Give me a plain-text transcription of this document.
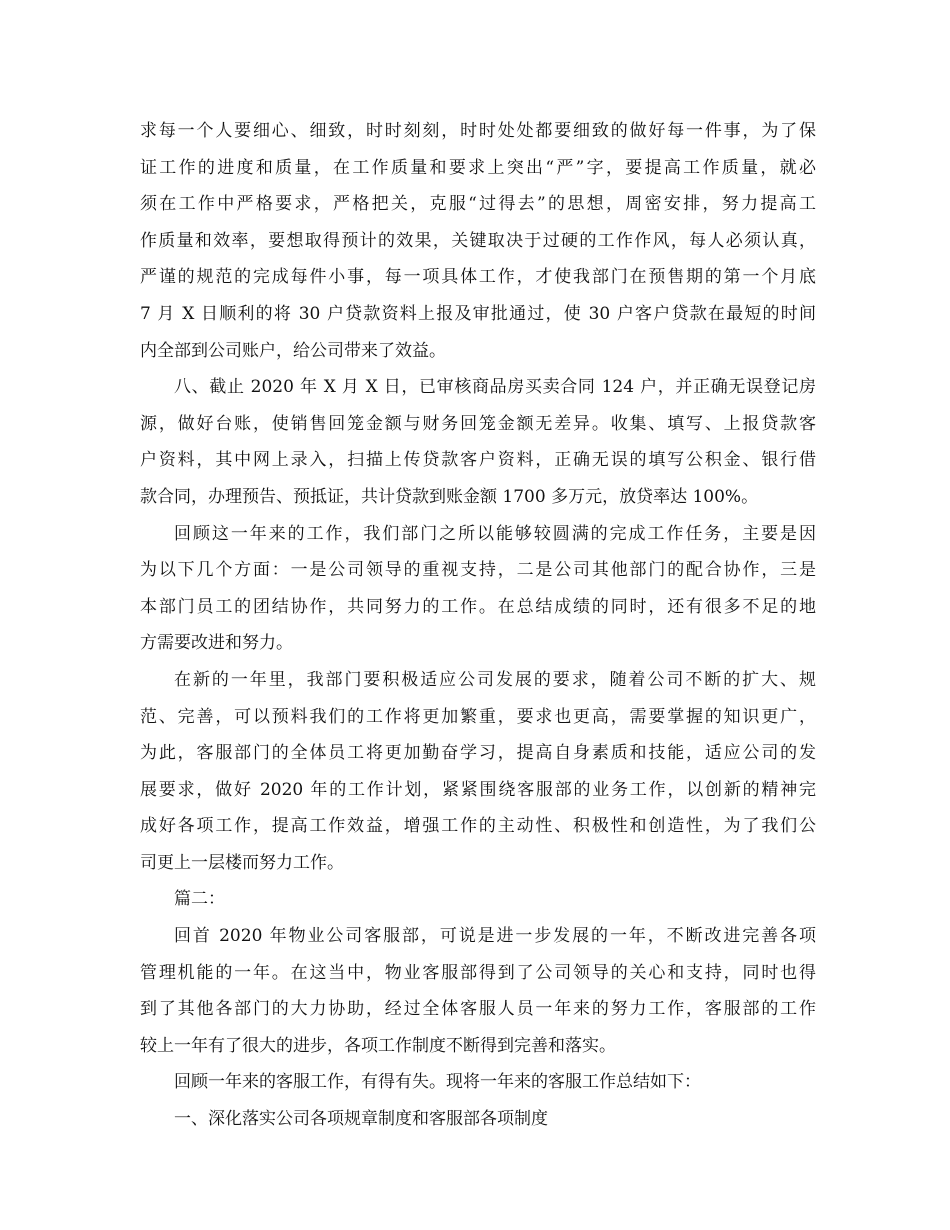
求每一个人要细心、细致，时时刻刻，时时处处都要细致的做好每一件事，为了保
证工作的进度和质量，在工作质量和要求上突出“严”字，要提高工作质量，就必
须在工作中严格要求，严格把关，克服“过得去”的思想，周密安排，努力提高工
作质量和效率，要想取得预计的效果，关键取决于过硬的工作作风，每人必须认真，
严谨的规范的完成每件小事，每一项具体工作，才使我部门在预售期的第一个月底
7 月 X 日顺利的将 30 户贷款资料上报及审批通过，使 30 户客户贷款在最短的时间
内全部到公司账户，给公司带来了效益。
八、截止 2020 年 X 月 X 日，已审核商品房买卖合同 124 户，并正确无误登记房
源，做好台账，使销售回笼金额与财务回笼金额无差异。收集、填写、上报贷款客
户资料，其中网上录入，扫描上传贷款客户资料，正确无误的填写公积金、银行借
款合同，办理预告、预抵证，共计贷款到账金额 1700 多万元，放贷率达 100%。
回顾这一年来的工作，我们部门之所以能够较圆满的完成工作任务，主要是因
为以下几个方面：一是公司领导的重视支持，二是公司其他部门的配合协作，三是
本部门员工的团结协作，共同努力的工作。在总结成绩的同时，还有很多不足的地
方需要改进和努力。
在新的一年里，我部门要积极适应公司发展的要求，随着公司不断的扩大、规
范、完善，可以预料我们的工作将更加繁重，要求也更高，需要掌握的知识更广，
为此，客服部门的全体员工将更加勤奋学习，提高自身素质和技能，适应公司的发
展要求，做好 2020 年的工作计划，紧紧围绕客服部的业务工作，以创新的精神完
成好各项工作，提高工作效益，增强工作的主动性、积极性和创造性，为了我们公
司更上一层楼而努力工作。
篇二：
回首 2020 年物业公司客服部，可说是进一步发展的一年，不断改进完善各项
管理机能的一年。在这当中，物业客服部得到了公司领导的关心和支持，同时也得
到了其他各部门的大力协助，经过全体客服人员一年来的努力工作，客服部的工作
较上一年有了很大的进步，各项工作制度不断得到完善和落实。
回顾一年来的客服工作，有得有失。现将一年来的客服工作总结如下：
一、深化落实公司各项规章制度和客服部各项制度
